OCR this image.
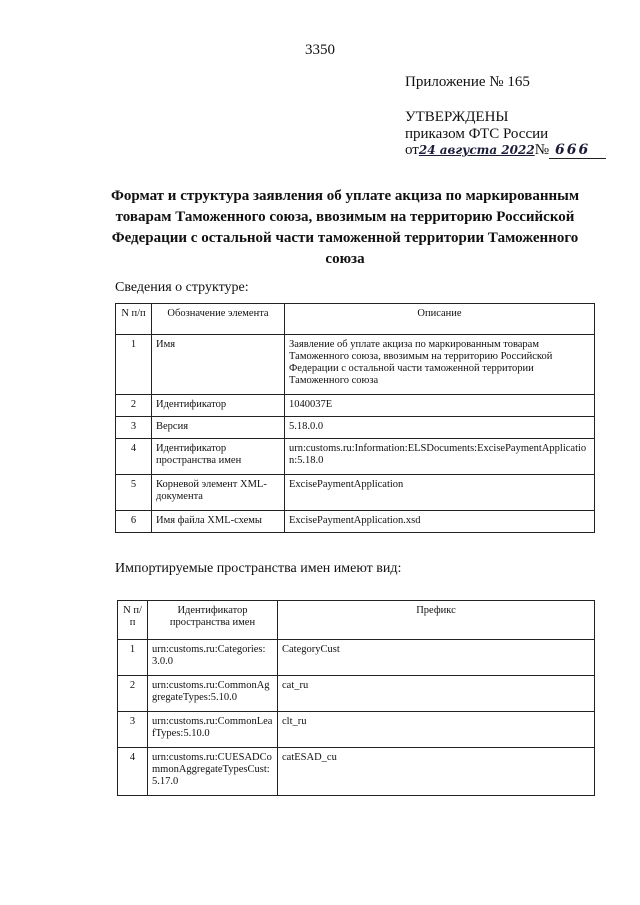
3350
Приложение № 165
УТВЕРЖДЕНЫ
приказом ФТС России
от24 августа 2022№ 666
Формат и структура заявления об уплате акциза по маркированным товарам Таможенного союза, ввозимым на территорию Российской Федерации с остальной части таможенной территории Таможенного союза
Сведения о структуре:
N п/п	Обозначение элемента	Описание
1	Имя	Заявление об уплате акциза по маркированным товарам Таможенного союза, ввозимым на территорию Российской Федерации с остальной части таможенной территории Таможенного союза
2	Идентификатор	1040037E
3	Версия	5.18.0.0
4	Идентификатор пространства имен	urn:customs.ru:Information:ELSDocuments:ExcisePaymentApplication:5.18.0
5	Корневой элемент XML-документа	ExcisePaymentApplication
6	Имя файла XML-схемы	ExcisePaymentApplication.xsd
Импортируемые пространства имен имеют вид:
N п/п	Идентификатор пространства имен	Префикс
1	urn:customs.ru:Categories:3.0.0	CategoryCust
2	urn:customs.ru:CommonAggregateTypes:5.10.0	cat_ru
3	urn:customs.ru:CommonLeafTypes:5.10.0	clt_ru
4	urn:customs.ru:CUESADCommonAggregateTypesCust:5.17.0	catESAD_cu
